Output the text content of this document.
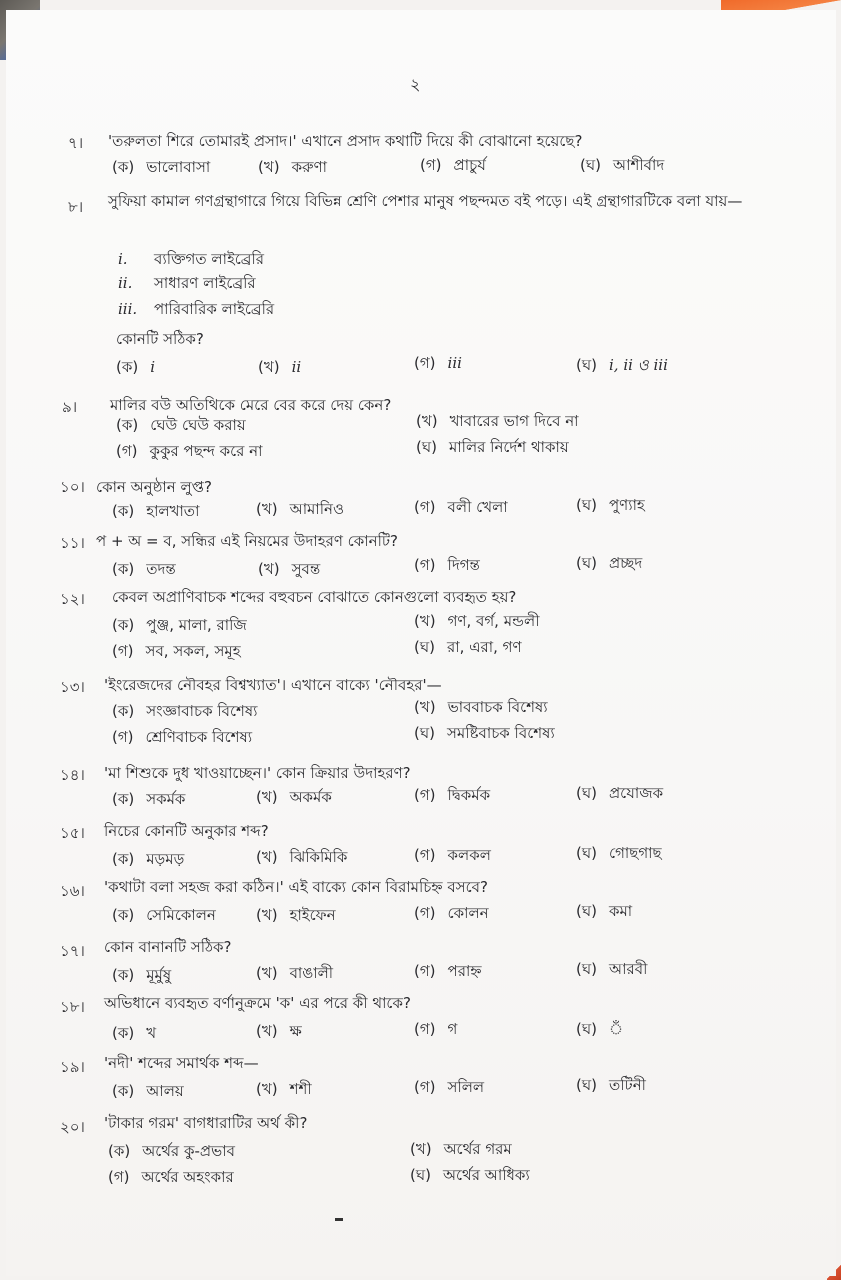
২
৭। 'তরুলতা শিরে তোমারই প্রসাদ।' এখানে প্রসাদ কথাটি দিয়ে কী বোঝানো হয়েছে?
(ক) ভালোবাসা	(খ) করুণা	(গ) প্রাচুর্য	(ঘ) আশীর্বাদ
৮। সুফিয়া কামাল গণগ্রন্থাগারে গিয়ে বিভিন্ন শ্রেণি পেশার মানুষ পছন্দমত বই পড়ে। এই গ্রন্থাগারটিকে বলা যায়—
i. ব্যক্তিগত লাইব্রেরি
ii. সাধারণ লাইব্রেরি
iii. পারিবারিক লাইব্রেরি
কোনটি সঠিক?
(ক) i	(খ) ii	(গ) iii	(ঘ) i, ii ও iii
৯। মালির বউ অতিথিকে মেরে বের করে দেয় কেন?
(ক) ঘেউ ঘেউ করায়	(খ) খাবারের ভাগ দিবে না
(গ) কুকুর পছন্দ করে না	(ঘ) মালির নির্দেশ থাকায়
১০। কোন অনুষ্ঠান লুপ্ত?
(ক) হালখাতা	(খ) আমানিও	(গ) বলী খেলা	(ঘ) পুণ্যাহ
১১। প + অ = ব, সন্ধির এই নিয়মের উদাহরণ কোনটি?
(ক) তদন্ত	(খ) সুবন্ত	(গ) দিগন্ত	(ঘ) প্রচ্ছদ
১২। কেবল অপ্রাণিবাচক শব্দের বহুবচন বোঝাতে কোনগুলো ব্যবহৃত হয়?
(ক) পুঞ্জ, মালা, রাজি	(খ) গণ, বর্গ, মন্ডলী
(গ) সব, সকল, সমূহ	(ঘ) রা, এরা, গণ
১৩। 'ইংরেজদের নৌবহর বিশ্বখ্যাত'। এখানে বাক্যে 'নৌবহর'—
(ক) সংজ্ঞাবাচক বিশেষ্য	(খ) ভাববাচক বিশেষ্য
(গ) শ্রেণিবাচক বিশেষ্য	(ঘ) সমষ্টিবাচক বিশেষ্য
১৪। 'মা শিশুকে দুধ খাওয়াচ্ছেন।' কোন ক্রিয়ার উদাহরণ?
(ক) সকর্মক	(খ) অকর্মক	(গ) দ্বিকর্মক	(ঘ) প্রযোজক
১৫। নিচের কোনটি অনুকার শব্দ?
(ক) মড়মড়	(খ) ঝিকিমিকি	(গ) কলকল	(ঘ) গোছগাছ
১৬। 'কথাটা বলা সহজ করা কঠিন।' এই বাক্যে কোন বিরামচিহ্ন বসবে?
(ক) সেমিকোলন	(খ) হাইফেন	(গ) কোলন	(ঘ) কমা
১৭। কোন বানানটি সঠিক?
(ক) মূর্মুষু	(খ) বাঙালী	(গ) পরাহ্ন	(ঘ) আরবী
১৮। অভিধানে ব্যবহৃত বর্ণানুক্রমে 'ক' এর পরে কী থাকে?
(ক) খ	(খ) ক্ষ	(গ) গ	(ঘ) ঁ
১৯। 'নদী' শব্দের সমার্থক শব্দ—
(ক) আলয়	(খ) শশী	(গ) সলিল	(ঘ) তটিনী
২০। 'টাকার গরম' বাগধারাটির অর্থ কী?
(ক) অর্থের কু-প্রভাব	(খ) অর্থের গরম
(গ) অর্থের অহংকার	(ঘ) অর্থের আধিক্য
